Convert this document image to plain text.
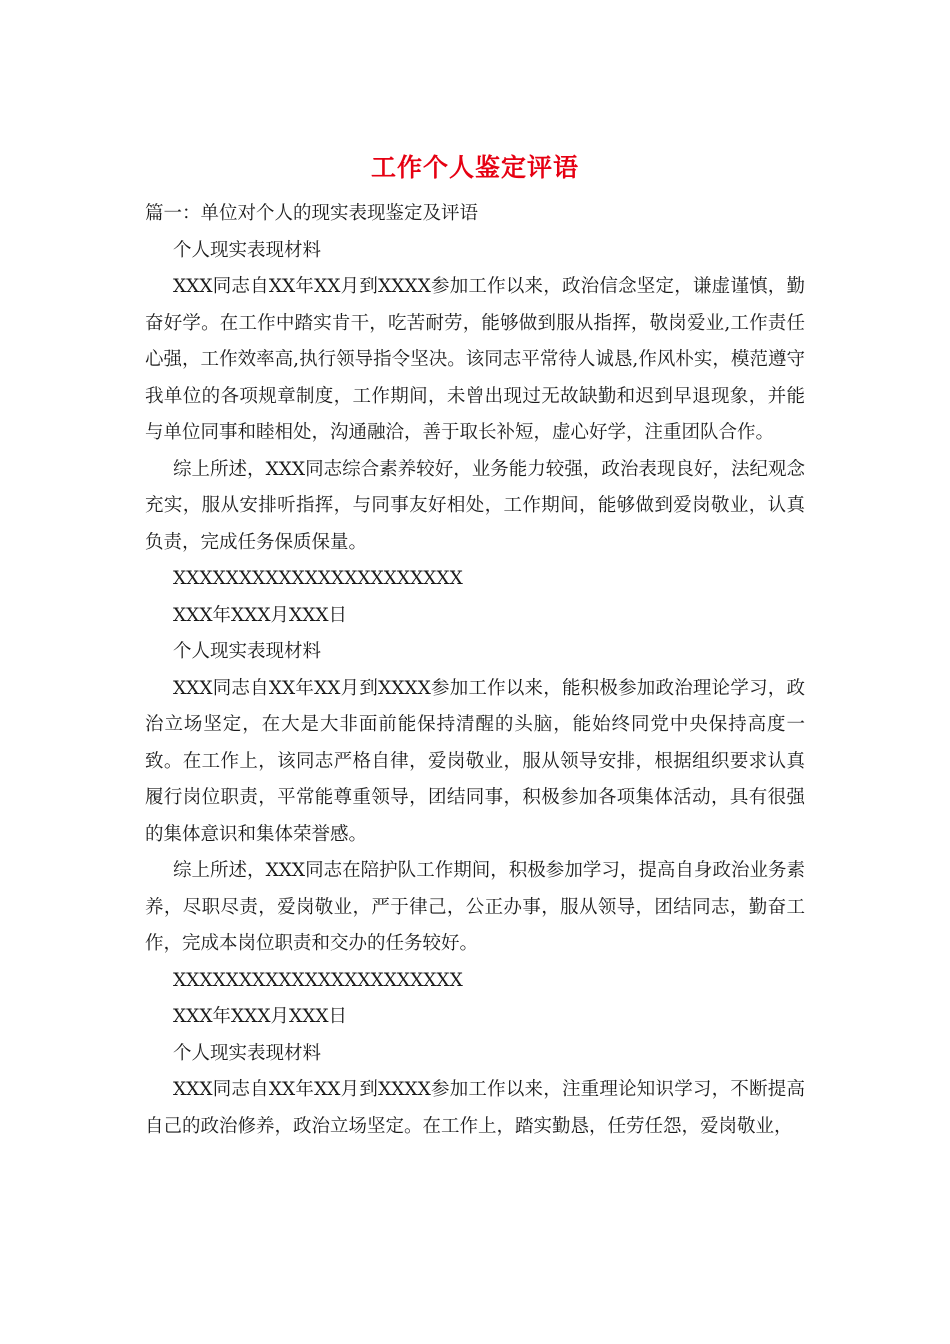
工作个人鉴定评语

篇一：单位对个人的现实表现鉴定及评语

个人现实表现材料

XXX同志自XX年XX月到XXXX参加工作以来，政治信念坚定，谦虚谨慎，勤奋好学。在工作中踏实肯干，吃苦耐劳，能够做到服从指挥，敬岗爱业,工作责任心强，工作效率高,执行领导指令坚决。该同志平常待人诚恳,作风朴实，模范遵守我单位的各项规章制度，工作期间，未曾出现过无故缺勤和迟到早退现象，并能与单位同事和睦相处，沟通融洽，善于取长补短，虚心好学，注重团队合作。

综上所述，XXX同志综合素养较好，业务能力较强，政治表现良好，法纪观念充实，服从安排听指挥，与同事友好相处，工作期间，能够做到爱岗敬业，认真负责，完成任务保质保量。

XXXXXXXXXXXXXXXXXXXXXX

XXX年XXX月XXX日

个人现实表现材料

XXX同志自XX年XX月到XXXX参加工作以来，能积极参加政治理论学习，政治立场坚定，在大是大非面前能保持清醒的头脑，能始终同党中央保持高度一致。在工作上，该同志严格自律，爱岗敬业，服从领导安排，根据组织要求认真履行岗位职责，平常能尊重领导，团结同事，积极参加各项集体活动，具有很强的集体意识和集体荣誉感。

综上所述，XXX同志在陪护队工作期间，积极参加学习，提高自身政治业务素养，尽职尽责，爱岗敬业，严于律己，公正办事，服从领导，团结同志，勤奋工作，完成本岗位职责和交办的任务较好。

XXXXXXXXXXXXXXXXXXXXXX

XXX年XXX月XXX日

个人现实表现材料

XXX同志自XX年XX月到XXXX参加工作以来，注重理论知识学习，不断提高自己的政治修养，政治立场坚定。在工作上，踏实勤恳，任劳任怨，爱岗敬业，
